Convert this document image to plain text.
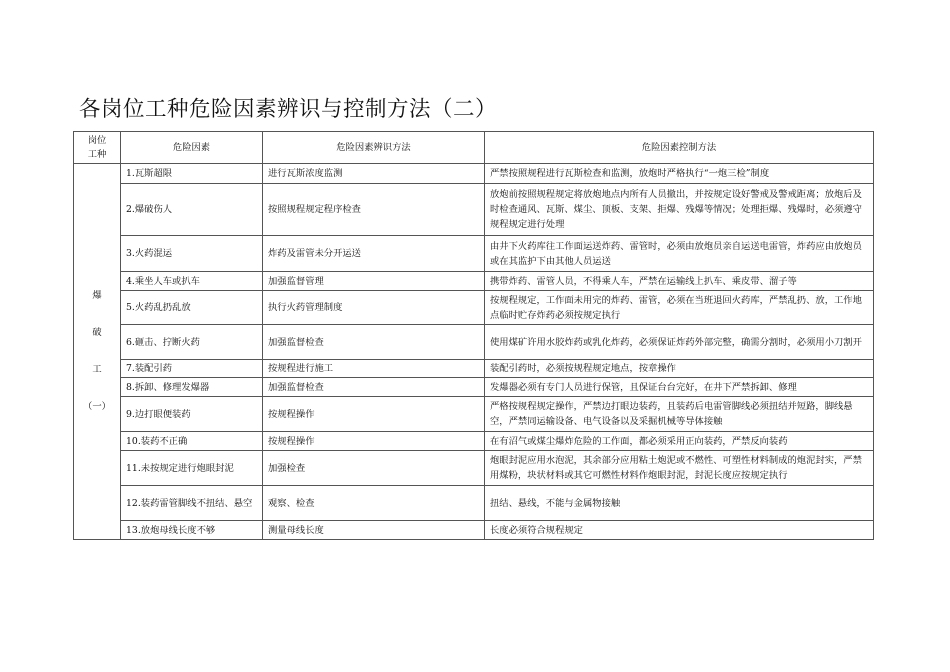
各岗位工种危险因素辨识与控制方法（二）
岗位
工种	危险因素	危险因素辨识方法	危险因素控制方法

爆
破
工
（一）	1.瓦斯超限	进行瓦斯浓度监测	严禁按照规程进行瓦斯检查和监测，放炮时严格执行“一炮三检”制度
	2.爆破伤人	按照规程规定程序检查	放炮前按照规程规定将放炮地点内所有人员撤出，并按规定设好警戒及警戒距离；放炮后及时检查通风、瓦斯、煤尘、顶板、支架、拒爆、残爆等情况；处理拒爆、残爆时，必须遵守规程规定进行处理
	3.火药混运	炸药及雷管未分开运送	由井下火药库往工作面运送炸药、雷管时，必须由放炮员亲自运送电雷管，炸药应由放炮员或在其监护下由其他人员运送
	4.乘坐人车或扒车	加强监督管理	携带炸药、雷管人员，不得乘人车，严禁在运输线上扒车、乘皮带、溜子等
	5.火药乱扔乱放	执行火药管理制度	按规程规定，工作面未用完的炸药、雷管，必须在当班退回火药库，严禁乱扔、放，工作地点临时贮存炸药必须按规定执行
	6.砸击、拧断火药	加强监督检查	使用煤矿许用水胶炸药或乳化炸药，必须保证炸药外部完整，确需分割时，必须用小刀割开
	7.装配引药	按规程进行施工	装配引药时，必须按规程规定地点，按章操作
	8.拆卸、修理发爆器	加强监督检查	发爆器必须有专门人员进行保管，且保证台台完好，在井下严禁拆卸、修理
	9.边打眼便装药	按规程操作	严格按规程规定操作，严禁边打眼边装药，且装药后电雷管脚线必须扭结并短路，脚线悬空，严禁同运输设备、电气设备以及采掘机械等导体接触
	10.装药不正确	按规程操作	在有沼气或煤尘爆炸危险的工作面，都必须采用正向装药，严禁反向装药
	11.未按规定进行炮眼封泥	加强检查	炮眼封泥应用水泡泥，其余部分应用粘土炮泥或不燃性、可塑性材料制成的炮泥封实，严禁用煤粉，块状材料或其它可燃性材料作炮眼封泥，封泥长度应按规定执行
	12.装药雷管脚线不扭结、悬空	观察、检查	扭结、悬线，不能与金属物接触
	13.放炮母线长度不够	测量母线长度	长度必须符合规程规定
